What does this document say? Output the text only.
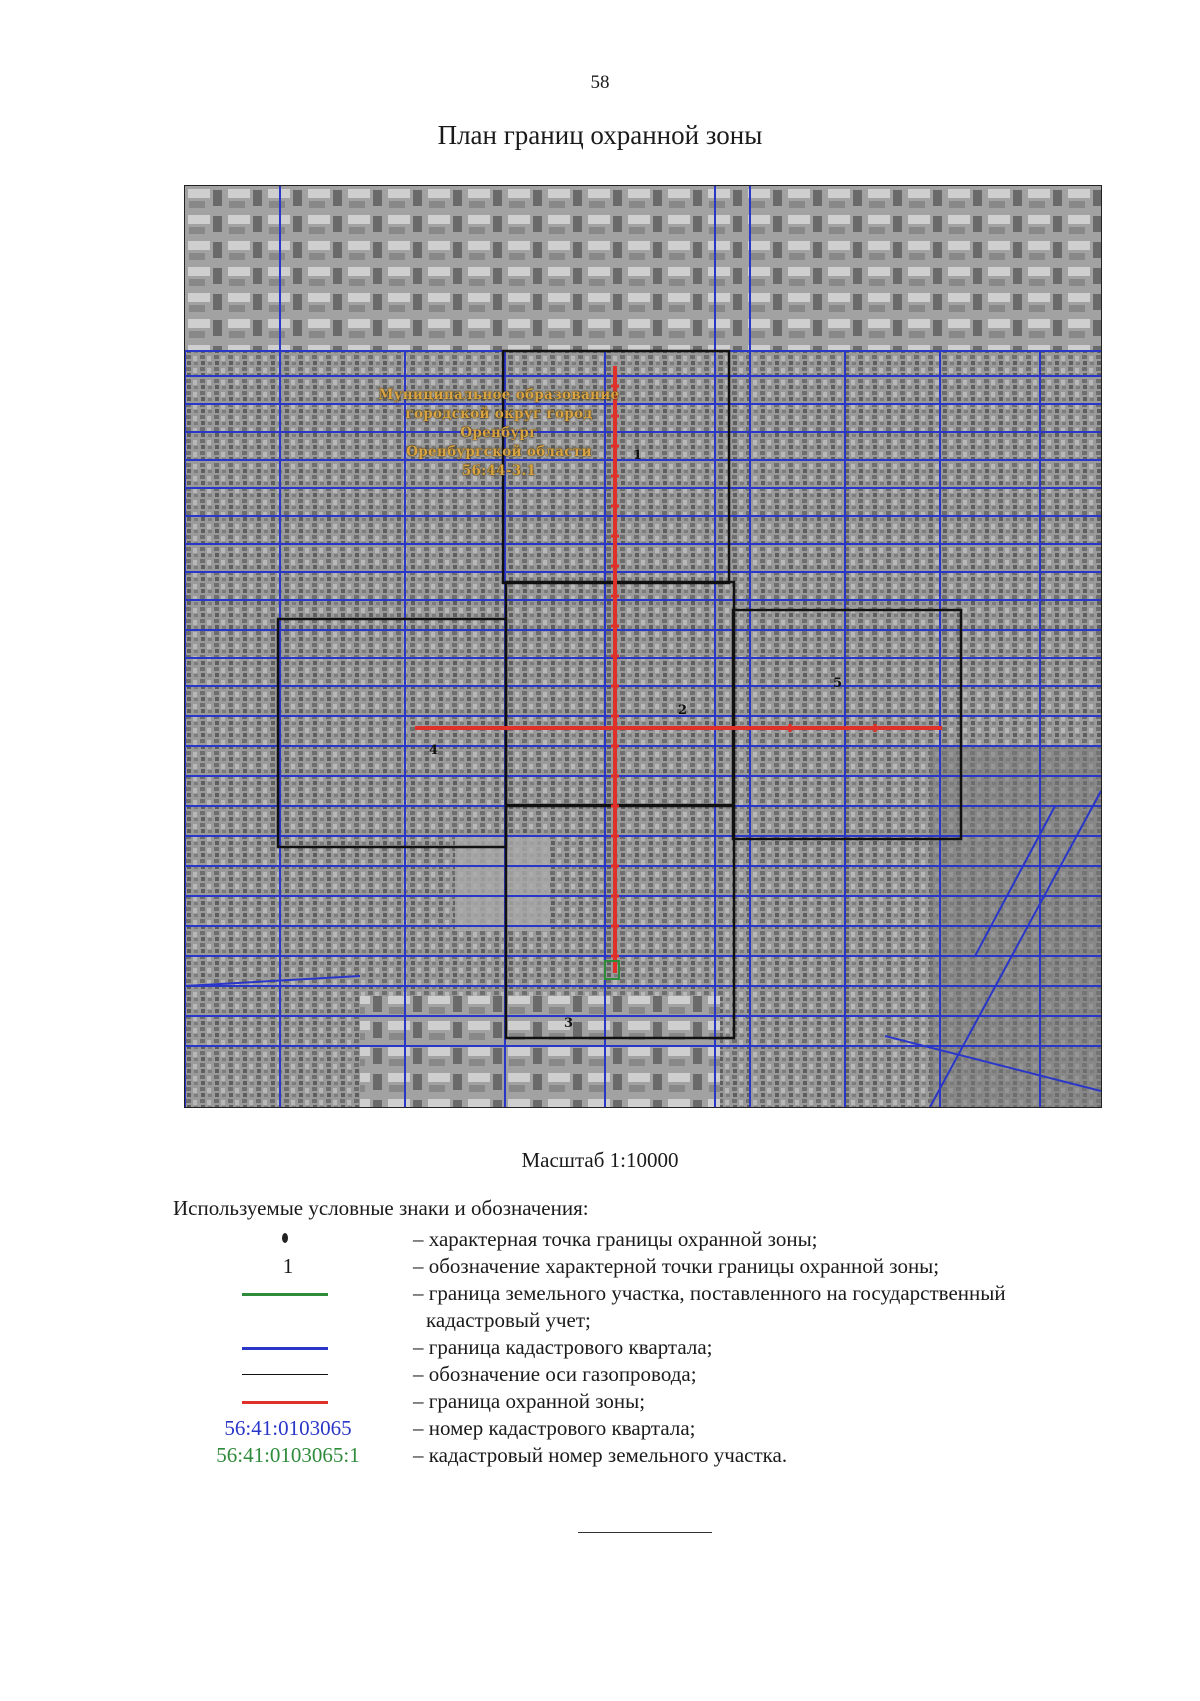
58
План границ охранной зоны
1
2
3
4
5
Муниципальное образование
городской округ город Оренбург
Оренбургской области
56:44-3.1
Масштаб 1:10000
Используемые условные знаки и обозначения:
– характерная точка границы охранной зоны;
1	– обозначение характерной точки границы охранной зоны;
– граница земельного участка, поставленного на государственный
кадастровый учет;
– граница кадастрового квартала;
– обозначение оси газопровода;
– граница охранной зоны;
56:41:0103065	– номер кадастрового квартала;
56:41:0103065:1	– кадастровый номер земельного участка.
